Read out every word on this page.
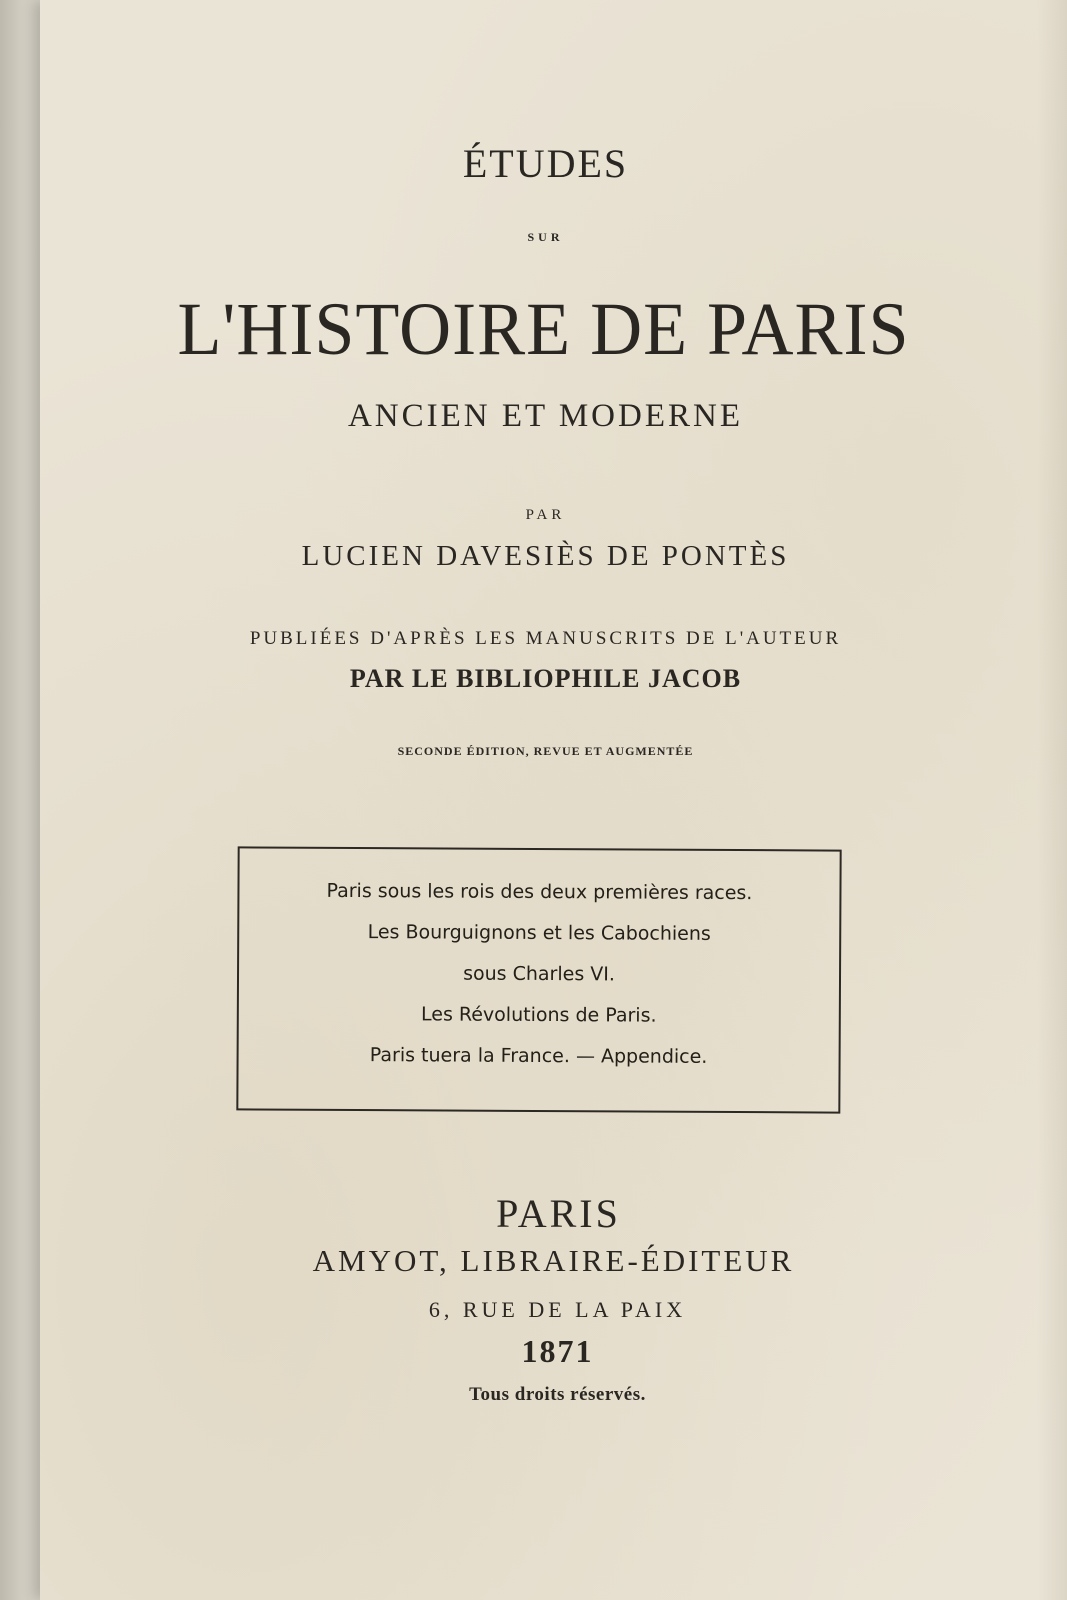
ÉTUDES
SUR
L'HISTOIRE DE PARIS
ANCIEN ET MODERNE
PAR
LUCIEN DAVESIÈS DE PONTÈS
PUBLIÉES D'APRÈS LES MANUSCRITS DE L'AUTEUR
PAR LE BIBLIOPHILE JACOB
SECONDE ÉDITION, REVUE ET AUGMENTÉE
Paris sous les rois des deux premières races.
Les Bourguignons et les Cabochiens
sous Charles VI.
Les Révolutions de Paris.
Paris tuera la France. — Appendice.
PARIS
AMYOT, LIBRAIRE-ÉDITEUR
6, RUE DE LA PAIX
1871
Tous droits réservés.
